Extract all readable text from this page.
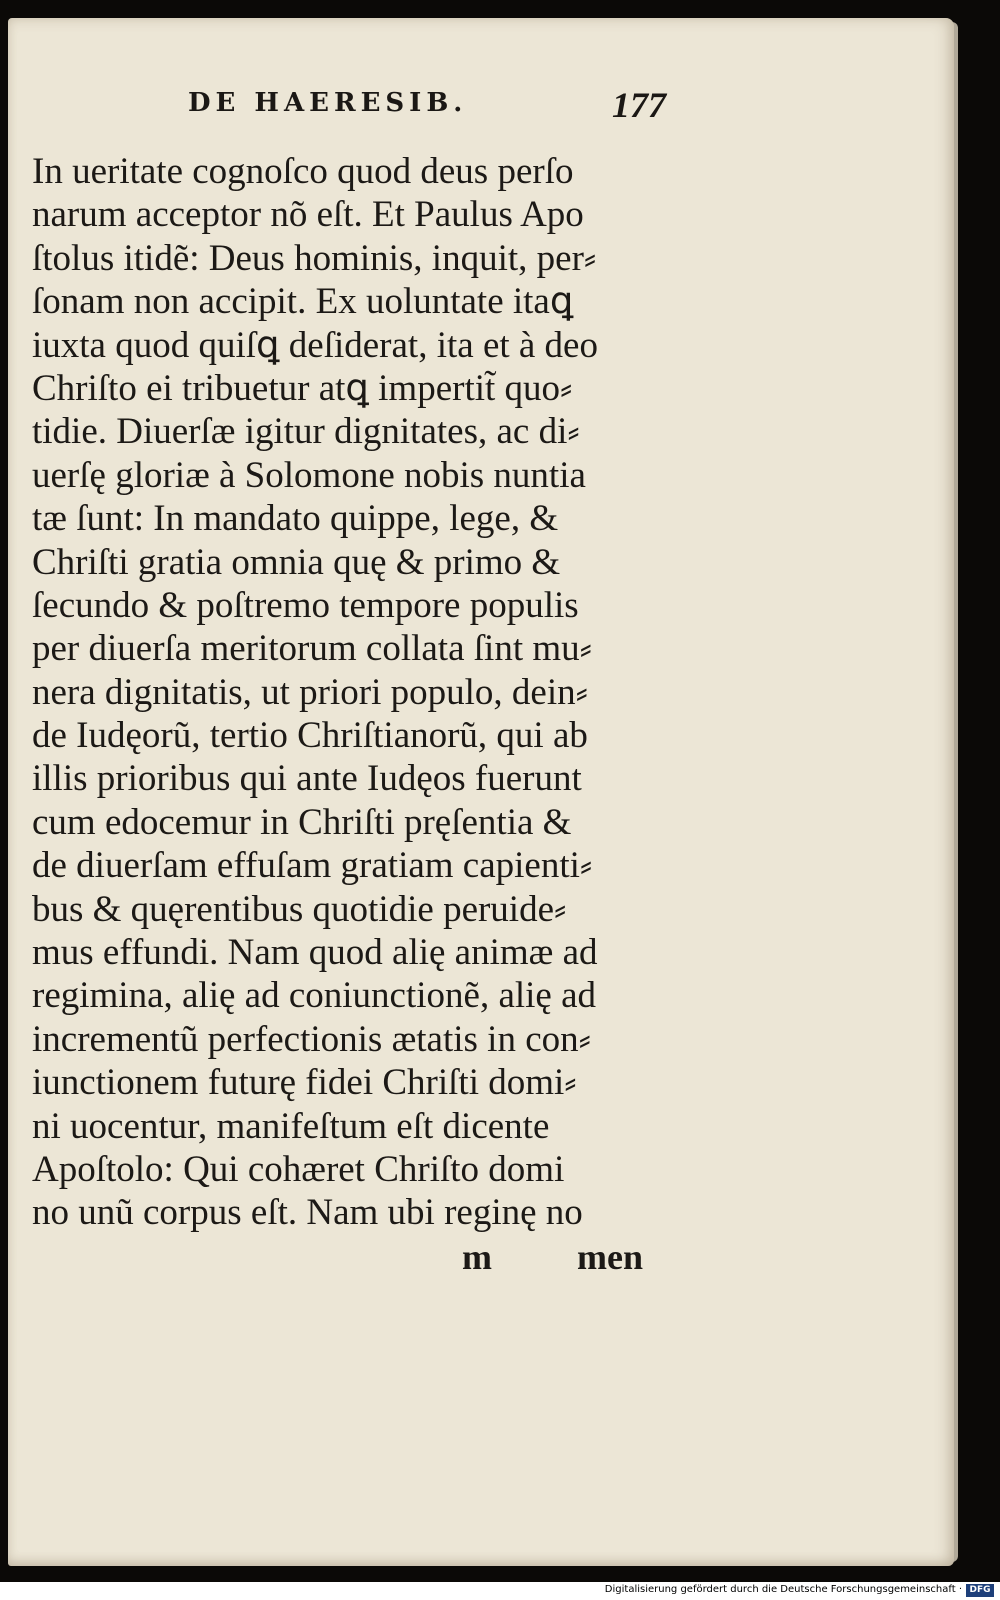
DE HAERESIB.	177
In ueritate cognoſco quod deus perſo
narum acceptor nõ eſt. Et Paulus Apo
ſtolus itidẽ: Deus hominis, inquit, per⸗
ſonam non accipit. Ex uoluntate itaꝗ
iuxta quod quiſꝗ deſiderat, ita et à deo
Chriſto ei tribuetur atꝗ impertit̃ quo⸗
tidie. Diuerſæ igitur dignitates, ac di⸗
uerſę gloriæ à Solomone nobis nuntia
tæ ſunt: In mandato quippe, lege, &
Chriſti gratia omnia quę & primo &
ſecundo & poſtremo tempore populis
per diuerſa meritorum collata ſint mu⸗
nera dignitatis, ut priori populo, dein⸗
de Iudęorũ, tertio Chriſtianorũ, qui ab
illis prioribus qui ante Iudęos fuerunt
cum edocemur in Chriſti pręſentia &
de diuerſam effuſam gratiam capienti⸗
bus & quęrentibus quotidie peruide⸗
mus effundi. Nam quod alię animæ ad
regimina, alię ad coniunctionẽ, alię ad
incrementũ perfectionis ætatis in con⸗
iunctionem futurę fidei Chriſti domi⸗
ni uocentur, manifeſtum eſt dicente
Apoſtolo: Qui cohæret Chriſto domi
no unũ corpus eſt. Nam ubi reginę no
m men
Digitalisierung gefördert durch die Deutsche Forschungsgemeinschaft · DFG
